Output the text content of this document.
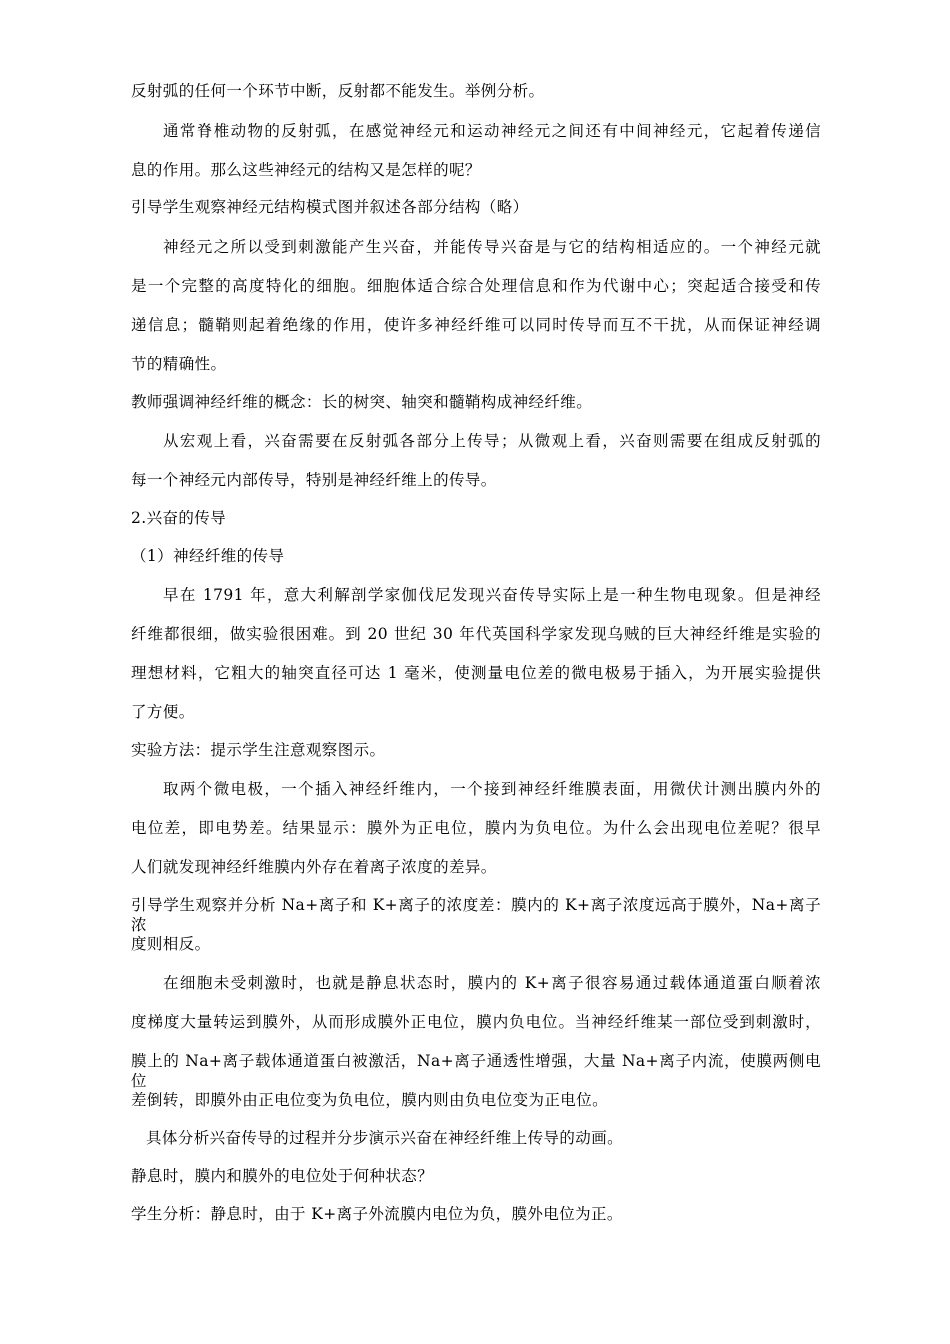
反射弧的任何一个环节中断，反射都不能发生。举例分析。
通常脊椎动物的反射弧，在感觉神经元和运动神经元之间还有中间神经元，它起着传递信
息的作用。那么这些神经元的结构又是怎样的呢？
引导学生观察神经元结构模式图并叙述各部分结构（略）
神经元之所以受到刺激能产生兴奋，并能传导兴奋是与它的结构相适应的。一个神经元就
是一个完整的高度特化的细胞。细胞体适合综合处理信息和作为代谢中心；突起适合接受和传
递信息；髓鞘则起着绝缘的作用，使许多神经纤维可以同时传导而互不干扰，从而保证神经调
节的精确性。
教师强调神经纤维的概念：长的树突、轴突和髓鞘构成神经纤维。
从宏观上看，兴奋需要在反射弧各部分上传导；从微观上看，兴奋则需要在组成反射弧的
每一个神经元内部传导，特别是神经纤维上的传导。
2.兴奋的传导
（1）神经纤维的传导
早在 1791 年，意大利解剖学家伽伐尼发现兴奋传导实际上是一种生物电现象。但是神经
纤维都很细，做实验很困难。到 20 世纪 30 年代英国科学家发现乌贼的巨大神经纤维是实验的
理想材料，它粗大的轴突直径可达 1 毫米，使测量电位差的微电极易于插入，为开展实验提供
了方便。
实验方法：提示学生注意观察图示。
取两个微电极，一个插入神经纤维内，一个接到神经纤维膜表面，用微伏计测出膜内外的
电位差，即电势差。结果显示：膜外为正电位，膜内为负电位。为什么会出现电位差呢？很早
人们就发现神经纤维膜内外存在着离子浓度的差异。
引导学生观察并分析 Na+离子和 K+离子的浓度差：膜内的 K+离子浓度远高于膜外，Na+离子浓
度则相反。
在细胞未受刺激时，也就是静息状态时，膜内的 K+离子很容易通过载体通道蛋白顺着浓
度梯度大量转运到膜外，从而形成膜外正电位，膜内负电位。当神经纤维某一部位受到刺激时，
膜上的 Na+离子载体通道蛋白被激活，Na+离子通透性增强，大量 Na+离子内流，使膜两侧电位
差倒转，即膜外由正电位变为负电位，膜内则由负电位变为正电位。
具体分析兴奋传导的过程并分步演示兴奋在神经纤维上传导的动画。
静息时，膜内和膜外的电位处于何种状态？
学生分析：静息时，由于 K+离子外流膜内电位为负，膜外电位为正。
